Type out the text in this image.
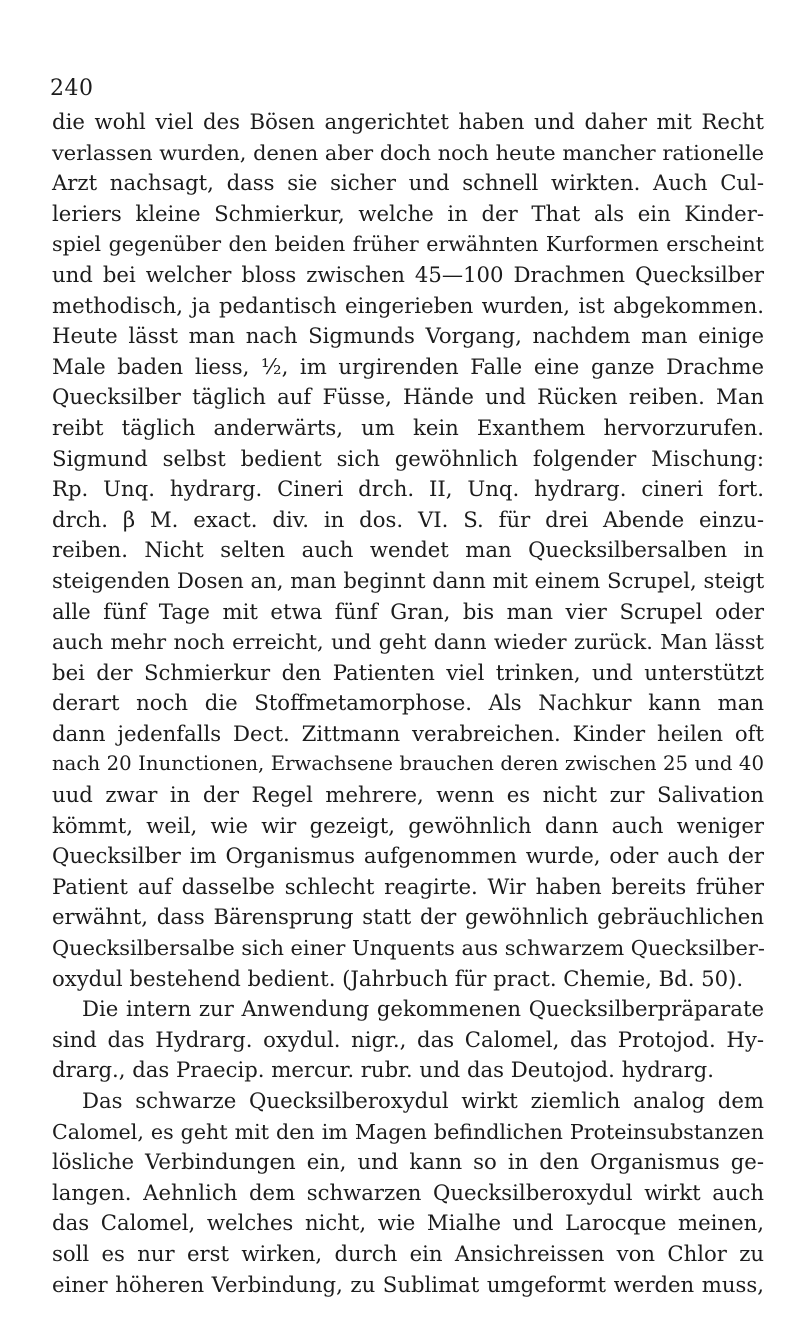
240
die wohl viel des Bösen angerichtet haben und daher mit Recht
verlassen wurden, denen aber doch noch heute mancher rationelle
Arzt nachsagt, dass sie sicher und schnell wirkten. Auch Cul-
leriers kleine Schmierkur, welche in der That als ein Kinder-
spiel gegenüber den beiden früher erwähnten Kurformen erscheint
und bei welcher bloss zwischen 45—100 Drachmen Quecksilber
methodisch, ja pedantisch eingerieben wurden, ist abgekommen.
Heute lässt man nach Sigmunds Vorgang, nachdem man einige
Male baden liess, ½, im urgirenden Falle eine ganze Drachme
Quecksilber täglich auf Füsse, Hände und Rücken reiben. Man
reibt täglich anderwärts, um kein Exanthem hervorzurufen.
Sigmund selbst bedient sich gewöhnlich folgender Mischung:
Rp. Unq. hydrarg. Cineri drch. II, Unq. hydrarg. cineri fort.
drch. β M. exact. div. in dos. VI. S. für drei Abende einzu-
reiben. Nicht selten auch wendet man Quecksilbersalben in
steigenden Dosen an, man beginnt dann mit einem Scrupel, steigt
alle fünf Tage mit etwa fünf Gran, bis man vier Scrupel oder
auch mehr noch erreicht, und geht dann wieder zurück. Man lässt
bei der Schmierkur den Patienten viel trinken, und unterstützt
derart noch die Stoffmetamorphose. Als Nachkur kann man
dann jedenfalls Dect. Zittmann verabreichen. Kinder heilen oft
nach 20 Inunctionen, Erwachsene brauchen deren zwischen 25 und 40
uud zwar in der Regel mehrere, wenn es nicht zur Salivation
kömmt, weil, wie wir gezeigt, gewöhnlich dann auch weniger
Quecksilber im Organismus aufgenommen wurde, oder auch der
Patient auf dasselbe schlecht reagirte. Wir haben bereits früher
erwähnt, dass Bärensprung statt der gewöhnlich gebräuchlichen
Quecksilbersalbe sich einer Unquents aus schwarzem Quecksilber-
oxydul bestehend bedient. (Jahrbuch für pract. Chemie, Bd. 50).
Die intern zur Anwendung gekommenen Quecksilberpräparate
sind das Hydrarg. oxydul. nigr., das Calomel, das Protojod. Hy-
drarg., das Praecip. mercur. rubr. und das Deutojod. hydrarg.
Das schwarze Quecksilberoxydul wirkt ziemlich analog dem
Calomel, es geht mit den im Magen befindlichen Proteinsubstanzen
lösliche Verbindungen ein, und kann so in den Organismus ge-
langen. Aehnlich dem schwarzen Quecksilberoxydul wirkt auch
das Calomel, welches nicht, wie Mialhe und Larocque meinen,
soll es nur erst wirken, durch ein Ansichreissen von Chlor zu
einer höheren Verbindung, zu Sublimat umgeformt werden muss,
